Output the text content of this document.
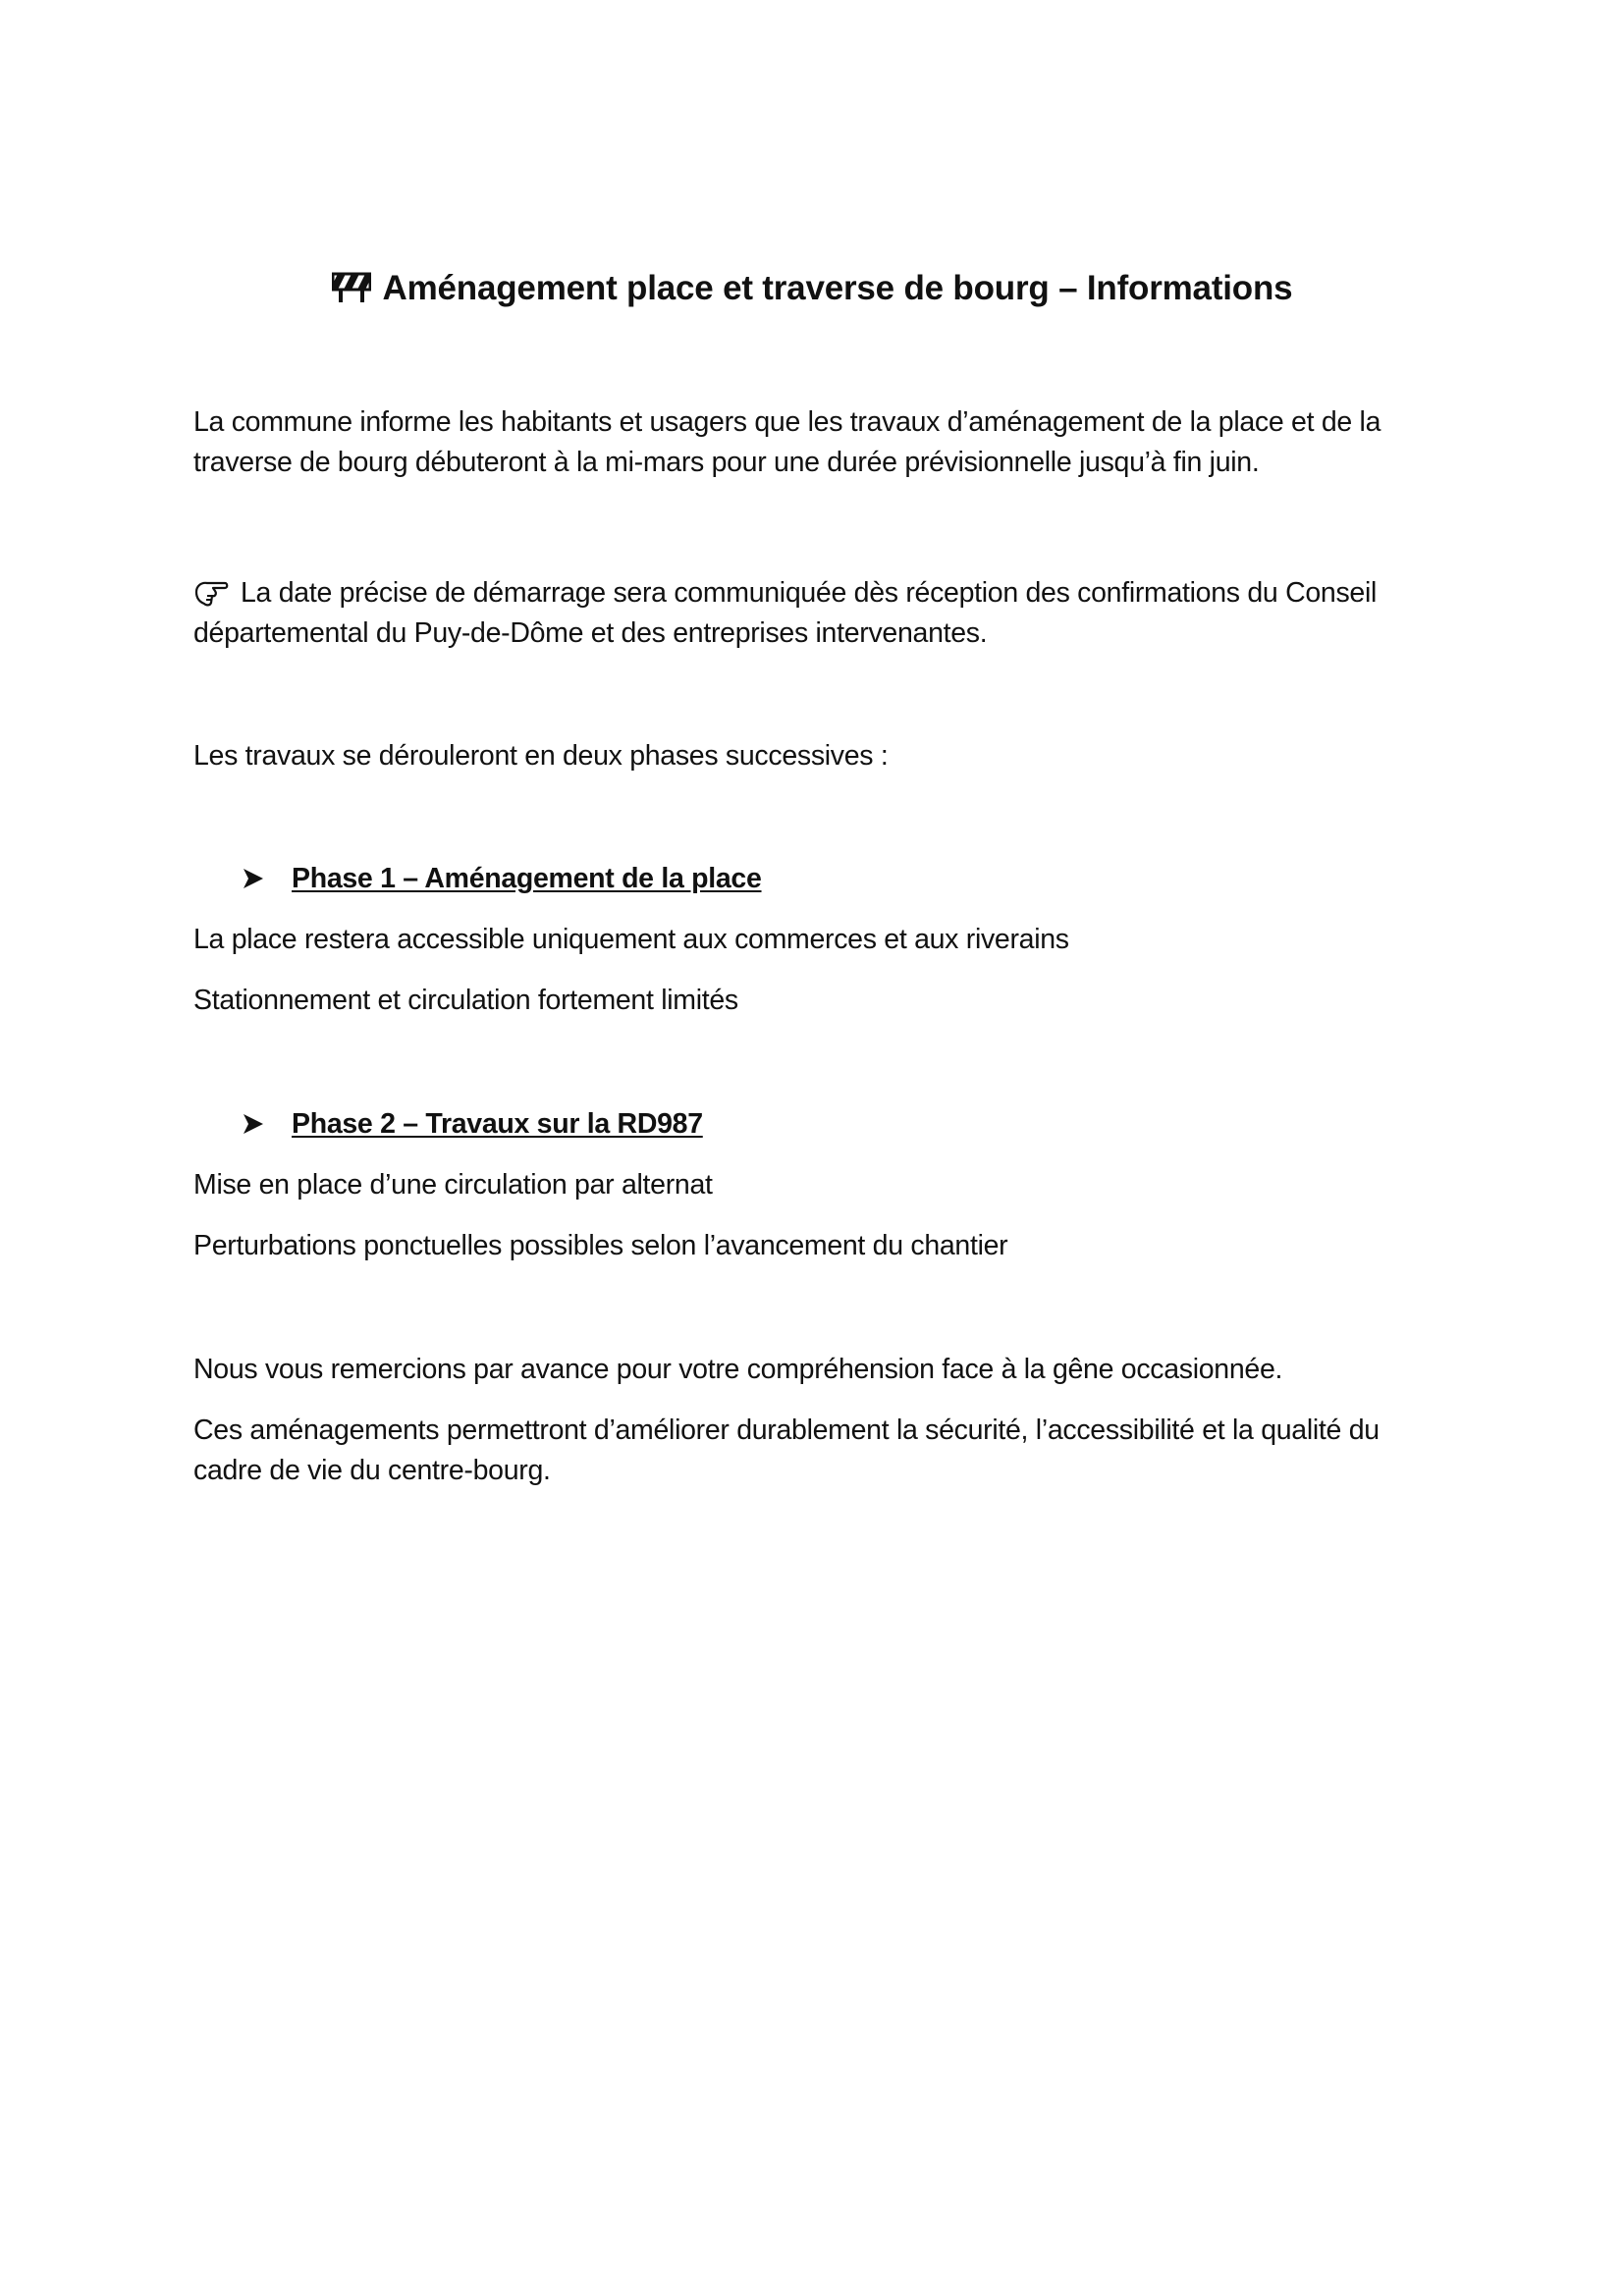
Aménagement place et traverse de bourg – Informations
La commune informe les habitants et usagers que les travaux d’aménagement de la place et de la
traverse de bourg débuteront à la mi-mars pour une durée prévisionnelle jusqu’à fin juin.
La date précise de démarrage sera communiquée dès réception des confirmations du Conseil
départemental du Puy-de-Dôme et des entreprises intervenantes.
Les travaux se dérouleront en deux phases successives :
Phase 1 – Aménagement de la place
La place restera accessible uniquement aux commerces et aux riverains
Stationnement et circulation fortement limités
Phase 2 – Travaux sur la RD987
Mise en place d’une circulation par alternat
Perturbations ponctuelles possibles selon l’avancement du chantier
Nous vous remercions par avance pour votre compréhension face à la gêne occasionnée.
Ces aménagements permettront d’améliorer durablement la sécurité, l’accessibilité et la qualité du
cadre de vie du centre-bourg.
